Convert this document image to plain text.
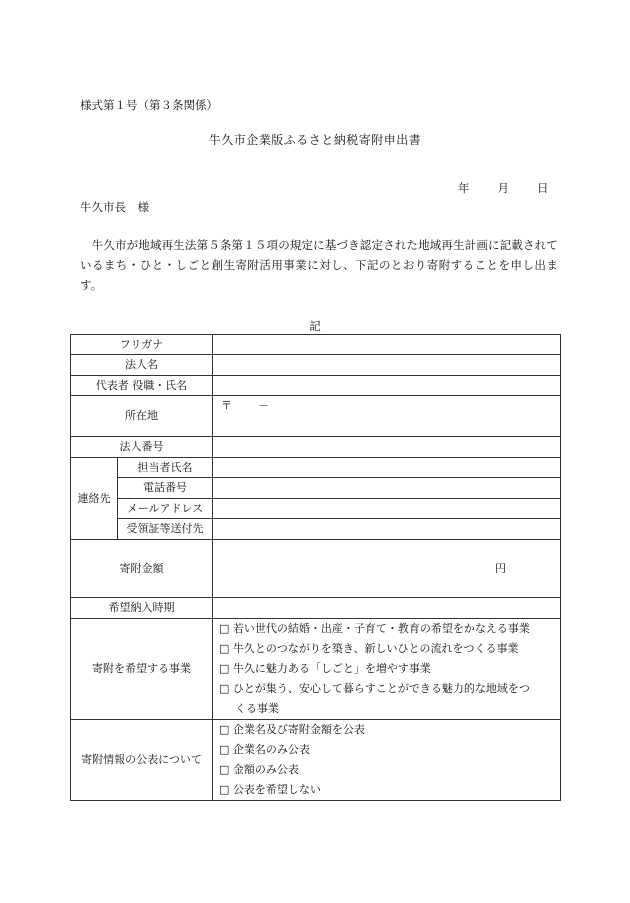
様式第１号（第３条関係）
牛久市企業版ふるさと納税寄附申出書
年 月 日
牛久市長　様
　牛久市が地域再生法第５条第１５項の規定に基づき認定された地域再生計画に記載されているまち・ひと・しごと創生寄附活用事業に対し、下記のとおり寄附することを申し出ます。
記
フリガナ		
法人名		
代表者 役職・氏名		
所在地		〒 －

法人番号		
連絡先	担当者氏名	
	電話番号	
	メールアドレス	
	受領証等送付先	
寄附金額		円

希望納入時期		
寄附を希望する事業		□ 若い世代の結婚・出産・子育て・教育の希望をかなえる事業
□ 牛久とのつながりを築き、新しいひとの流れをつくる事業
□ 牛久に魅力ある「しごと」を増やす事業
□ ひとが集う、安心して暮らすことができる魅力的な地域をつ
くる事業

寄附情報の公表について		□ 企業名及び寄附金額を公表
□ 企業名のみ公表
□ 金額のみ公表
□ 公表を希望しない
